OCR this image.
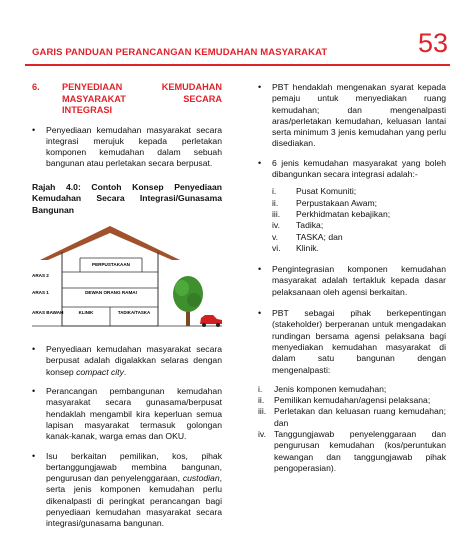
GARIS PANDUAN PERANCANGAN KEMUDAHAN MASYARAKAT	53
6.	PENYEDIAAN KEMUDAHAN
MASYARAKAT SECARA
INTEGRASI
•	Penyediaan kemudahan masyarakat secara integrasi merujuk kepada perletakan komponen kemudahan dalam sebuah bangunan atau perletakan secara berpusat.
Rajah 4.0: Contoh Konsep Penyediaan Kemudahan Secara Integrasi/Gunasama Bangunan
PERPUSTAKAAN
DEWAN ORANG RAMAI
KLINIK	TADIKA/TASKA
ARAS 2
ARAS 1
ARAS BAWAH
•	Penyediaan kemudahan masyarakat secara berpusat adalah digalakkan selaras dengan konsep compact city.
•	Perancangan pembangunan kemudahan masyarakat secara gunasama/berpusat hendaklah mengambil kira keperluan semua lapisan masyarakat termasuk golongan kanak-kanak, warga emas dan OKU.
•	Isu berkaitan pemilikan, kos, pihak bertanggungjawab membina bangunan, pengurusan dan penyelenggaraan, custodian, serta jenis komponen kemudahan perlu dikenalpasti di peringkat perancangan bagi penyediaan kemudahan masyarakat secara integrasi/gunasama bangunan.
•	PBT hendaklah mengenakan syarat kepada pemaju untuk menyediakan ruang kemudahan; dan mengenalpasti aras/perletakan kemudahan, keluasan lantai serta minimum 3 jenis kemudahan yang perlu disediakan.
•	6 jenis kemudahan masyarakat yang boleh dibangunkan secara integrasi adalah:-
i.	Pusat Komuniti;
ii.	Perpustakaan Awam;
iii.	Perkhidmatan kebajikan;
iv.	Tadika;
v.	TASKA; dan
vi.	Klinik.
•	Pengintegrasian komponen kemudahan masyarakat adalah tertakluk kepada dasar pelaksanaan oleh agensi berkaitan.
•	PBT sebagai pihak berkepentingan (stakeholder) berperanan untuk mengadakan rundingan bersama agensi pelaksana bagi menyediakan kemudahan masyarakat di dalam satu bangunan dengan mengenalpasti:
i.	Jenis komponen kemudahan;
ii.	Pemilikan kemudahan/agensi pelaksana;
iii. Perletakan dan keluasan ruang kemudahan; dan
iv. Tanggungjawab penyelenggaraan dan pengurusan kemudahan (kos/peruntukan kewangan dan tanggungjawab pihak pengoperasian).
